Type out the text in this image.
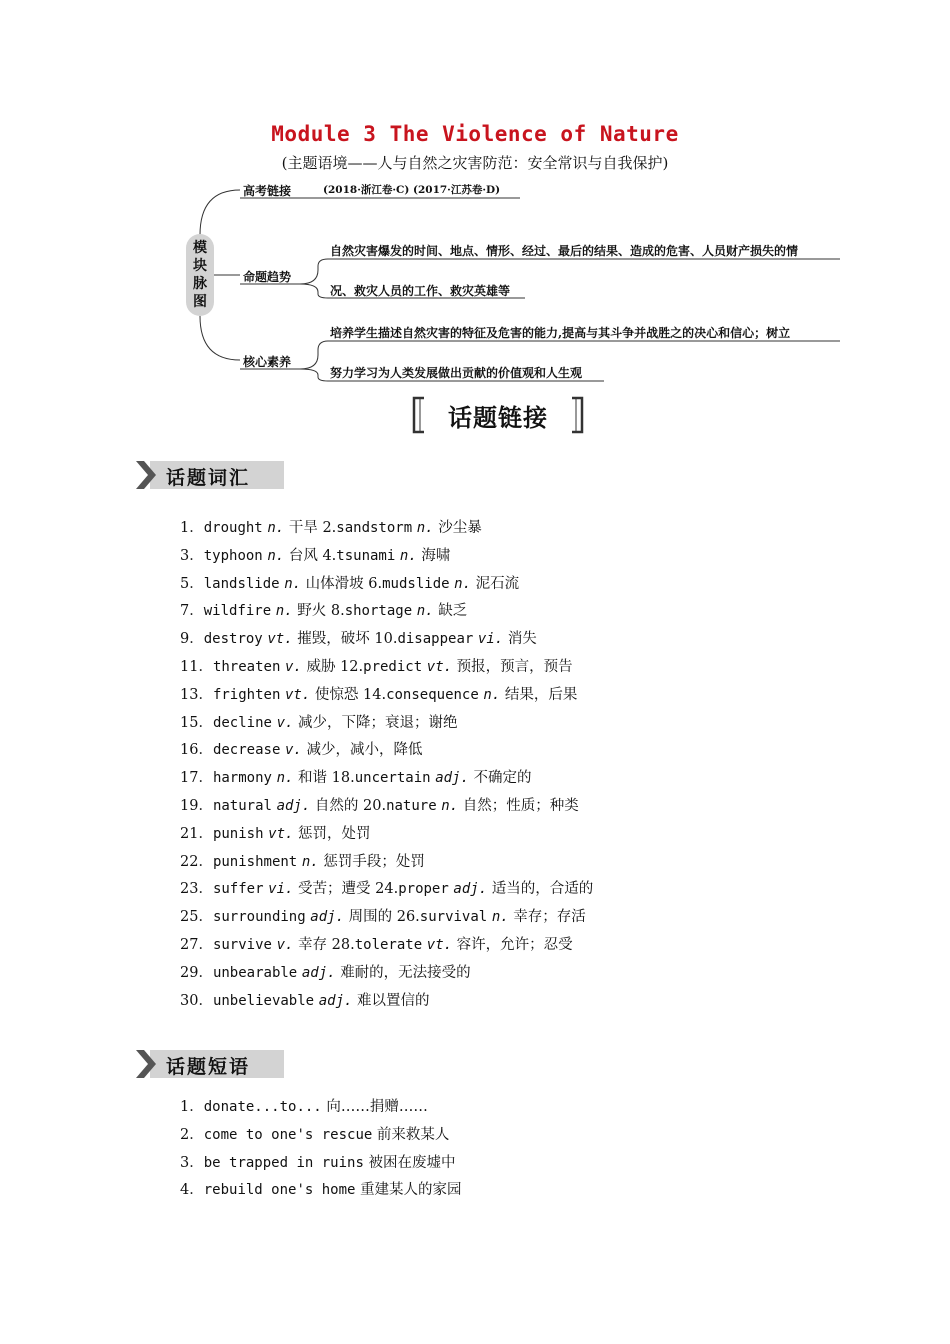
Module 3 The Violence of Nature
(主题语境——人与自然之灾害防范：安全常识与自我保护)
模
块
脉
图
高考链接	(2018·浙江卷·C) (2017·江苏卷·D)
命题趋势
自然灾害爆发的时间、地点、情形、经过、最后的结果、造成的危害、人员财产损失的情
况、救灾人员的工作、救灾英雄等
核心素养
培养学生描述自然灾害的特征及危害的能力,提高与其斗争并战胜之的决心和信心；树立
努力学习为人类发展做出贡献的价值观和人生观
话题链接
话题词汇
1．drought n. 干旱 2.sandstorm n. 沙尘暴
3．typhoon n. 台风 4.tsunami n. 海啸
5．landslide n. 山体滑坡 6.mudslide n. 泥石流
7．wildfire n. 野火 8.shortage n. 缺乏
9．destroy vt. 摧毁，破坏 10.disappear vi. 消失
11．threaten v. 威胁 12.predict vt. 预报，预言，预告
13．frighten vt. 使惊恐 14.consequence n. 结果，后果
15．decline v. 减少，下降；衰退；谢绝
16．decrease v. 减少，减小，降低
17．harmony n. 和谐 18.uncertain adj. 不确定的
19．natural adj. 自然的 20.nature n. 自然；性质；种类
21．punish vt. 惩罚，处罚
22．punishment n. 惩罚手段；处罚
23．suffer vi. 受苦；遭受 24.proper adj. 适当的，合适的
25．surrounding adj. 周围的 26.survival n. 幸存；存活
27．survive v. 幸存 28.tolerate vt. 容许，允许；忍受
29．unbearable adj. 难耐的，无法接受的
30．unbelievable adj. 难以置信的
话题短语
1．donate...to... 向……捐赠……
2．come to one's rescue 前来救某人
3．be trapped in ruins 被困在废墟中
4．rebuild one's home 重建某人的家园
